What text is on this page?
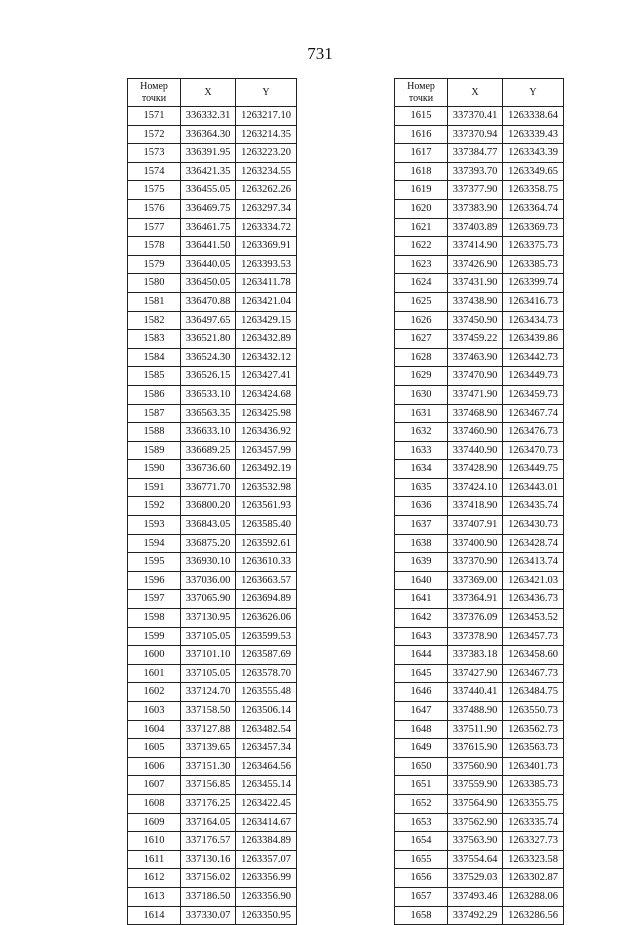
731
Номер
точки	X	Y
1571	336332.31	1263217.10
1572	336364.30	1263214.35
1573	336391.95	1263223.20
1574	336421.35	1263234.55
1575	336455.05	1263262.26
1576	336469.75	1263297.34
1577	336461.75	1263334.72
1578	336441.50	1263369.91
1579	336440.05	1263393.53
1580	336450.05	1263411.78
1581	336470.88	1263421.04
1582	336497.65	1263429.15
1583	336521.80	1263432.89
1584	336524.30	1263432.12
1585	336526.15	1263427.41
1586	336533.10	1263424.68
1587	336563.35	1263425.98
1588	336633.10	1263436.92
1589	336689.25	1263457.99
1590	336736.60	1263492.19
1591	336771.70	1263532.98
1592	336800.20	1263561.93
1593	336843.05	1263585.40
1594	336875.20	1263592.61
1595	336930.10	1263610.33
1596	337036.00	1263663.57
1597	337065.90	1263694.89
1598	337130.95	1263626.06
1599	337105.05	1263599.53
1600	337101.10	1263587.69
1601	337105.05	1263578.70
1602	337124.70	1263555.48
1603	337158.50	1263506.14
1604	337127.88	1263482.54
1605	337139.65	1263457.34
1606	337151.30	1263464.56
1607	337156.85	1263455.14
1608	337176.25	1263422.45
1609	337164.05	1263414.67
1610	337176.57	1263384.89
1611	337130.16	1263357.07
1612	337156.02	1263356.99
1613	337186.50	1263356.90
1614	337330.07	1263350.95
Номер
точки	X	Y
1615	337370.41	1263338.64
1616	337370.94	1263339.43
1617	337384.77	1263343.39
1618	337393.70	1263349.65
1619	337377.90	1263358.75
1620	337383.90	1263364.74
1621	337403.89	1263369.73
1622	337414.90	1263375.73
1623	337426.90	1263385.73
1624	337431.90	1263399.74
1625	337438.90	1263416.73
1626	337450.90	1263434.73
1627	337459.22	1263439.86
1628	337463.90	1263442.73
1629	337470.90	1263449.73
1630	337471.90	1263459.73
1631	337468.90	1263467.74
1632	337460.90	1263476.73
1633	337440.90	1263470.73
1634	337428.90	1263449.75
1635	337424.10	1263443.01
1636	337418.90	1263435.74
1637	337407.91	1263430.73
1638	337400.90	1263428.74
1639	337370.90	1263413.74
1640	337369.00	1263421.03
1641	337364.91	1263436.73
1642	337376.09	1263453.52
1643	337378.90	1263457.73
1644	337383.18	1263458.60
1645	337427.90	1263467.73
1646	337440.41	1263484.75
1647	337488.90	1263550.73
1648	337511.90	1263562.73
1649	337615.90	1263563.73
1650	337560.90	1263401.73
1651	337559.90	1263385.73
1652	337564.90	1263355.75
1653	337562.90	1263335.74
1654	337563.90	1263327.73
1655	337554.64	1263323.58
1656	337529.03	1263302.87
1657	337493.46	1263288.06
1658	337492.29	1263286.56
